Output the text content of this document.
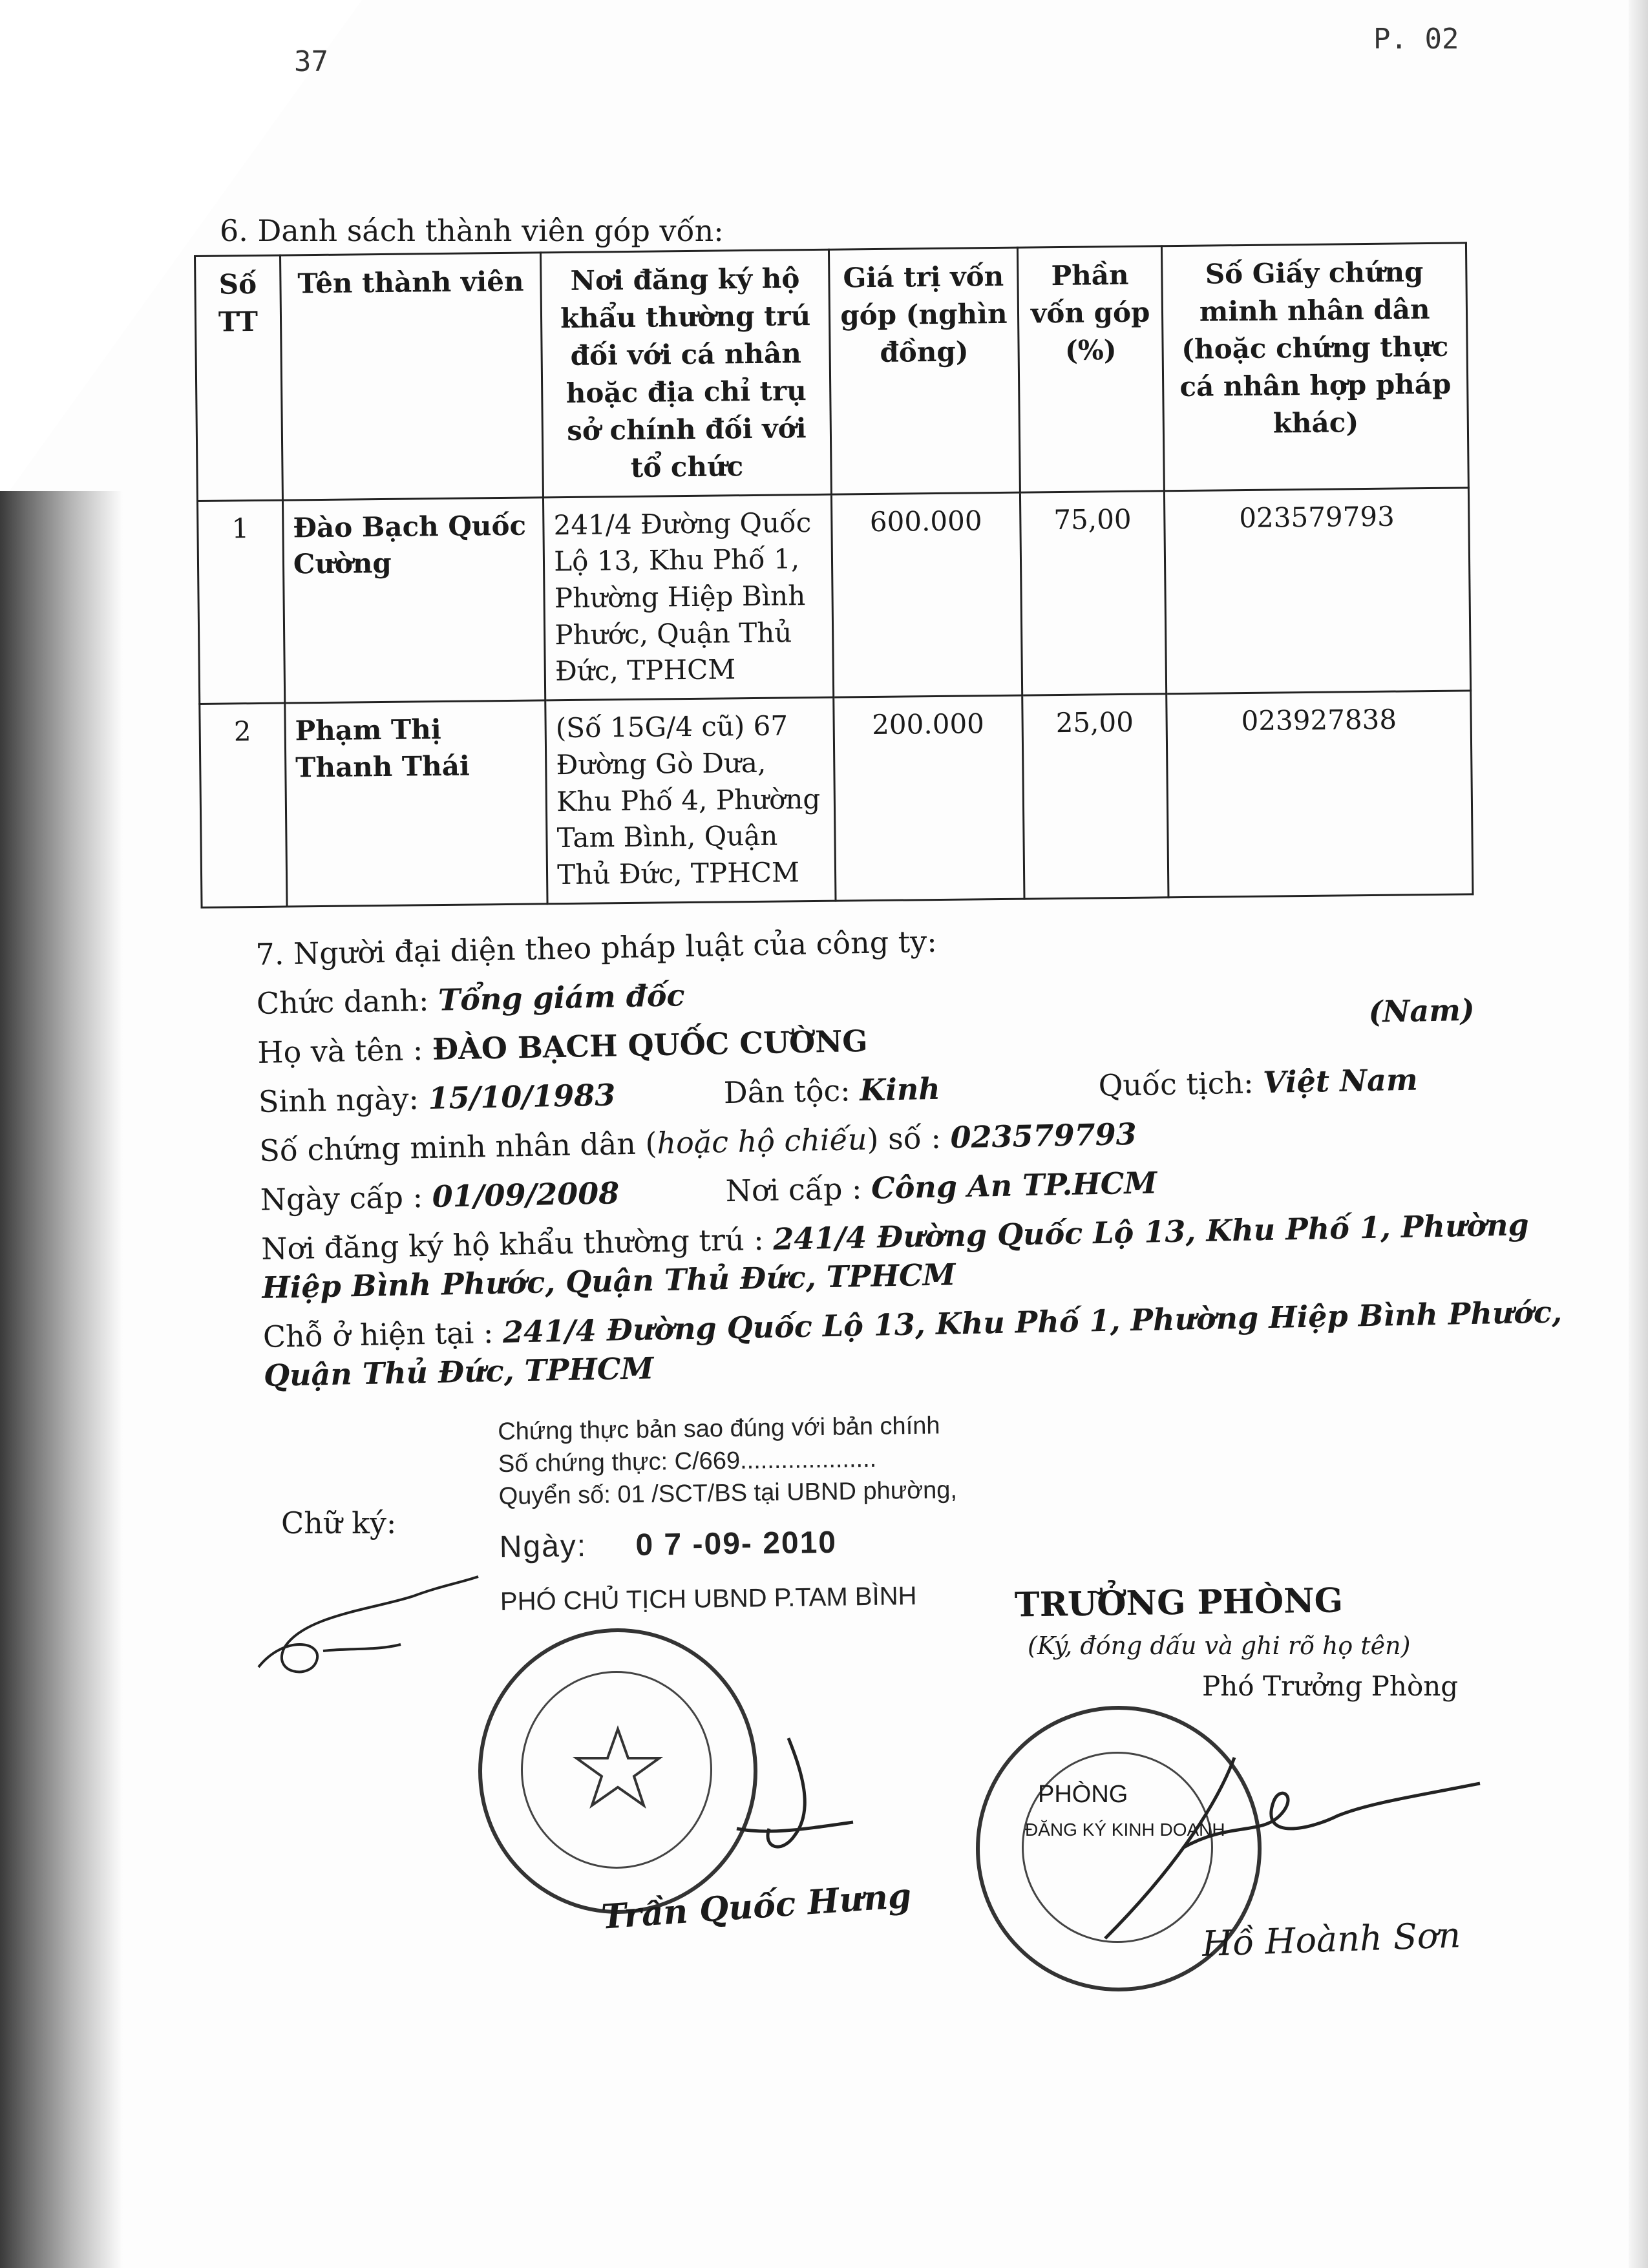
37
P. 02
6. Danh sách thành viên góp vốn:
Số TT	Tên thành viên	Nơi đăng ký hộ khẩu thường trú đối với cá nhân hoặc địa chỉ trụ sở chính đối với tổ chức	Giá trị vốn góp (nghìn đồng)	Phần vốn góp (%)	Số Giấy chứng minh nhân dân (hoặc chứng thực cá nhân hợp pháp khác)
1	Đào Bạch Quốc Cường	241/4 Đường Quốc Lộ 13, Khu Phố 1, Phường Hiệp Bình Phước, Quận Thủ Đức, TPHCM	600.000	75,00	023579793
2	Phạm Thị Thanh Thái	(Số 15G/4 cũ) 67 Đường Gò Dưa, Khu Phố 4, Phường Tam Bình, Quận Thủ Đức, TPHCM	200.000	25,00	023927838
7. Người đại diện theo pháp luật của công ty:
Chức danh: Tổng giám đốc
Họ và tên : ĐÀO BẠCH QUỐC CƯỜNG
(Nam)
Sinh ngày: 15/10/1983	Dân tộc: Kinh	Quốc tịch: Việt Nam
Số chứng minh nhân dân (hoặc hộ chiếu) số : 023579793
Ngày cấp : 01/09/2008	Nơi cấp : Công An TP.HCM
Nơi đăng ký hộ khẩu thường trú : 241/4 Đường Quốc Lộ 13, Khu Phố 1, Phường
Hiệp Bình Phước, Quận Thủ Đức, TPHCM
Chỗ ở hiện tại : 241/4 Đường Quốc Lộ 13, Khu Phố 1, Phường Hiệp Bình Phước,
Quận Thủ Đức, TPHCM
Chứng thực bản sao đúng với bản chính
Số chứng thực: C/669....................
Quyển số: 01 /SCT/BS tại UBND phường,
Ngày: 0 7 -09- 2010
PHÓ CHỦ TỊCH UBND P.TAM BÌNH
Chữ ký:
TRƯỞNG PHÒNG
(Ký, đóng dấu và ghi rõ họ tên)
Phó Trưởng Phòng
PHÒNG
ĐĂNG KÝ KINH DOANH
Trần Quốc Hưng
Hồ Hoành Sơn
